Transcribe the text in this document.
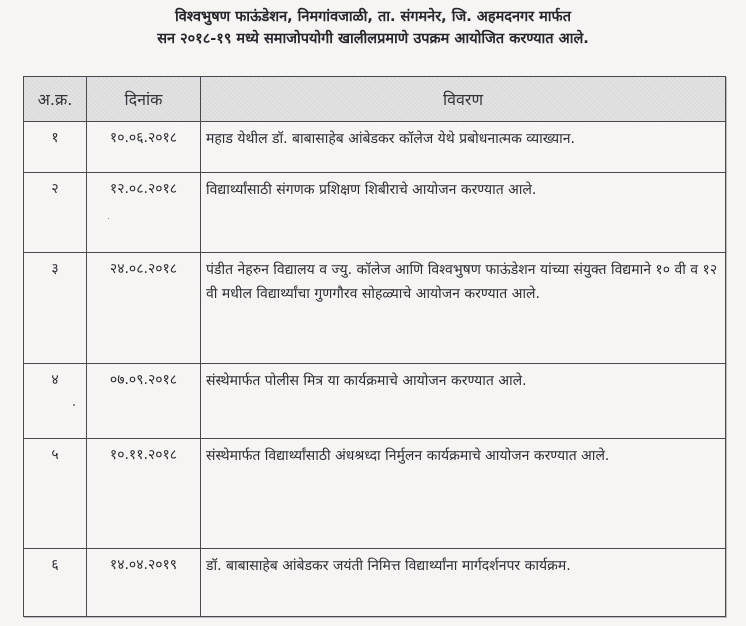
विश्वभुषण फाऊंडेशन, निमगांवजाळी, ता. संगमनेर, जि. अहमदनगर मार्फत
सन २०१८-१९ मध्ये समाजोपयोगी खालीलप्रमाणे उपक्रम आयोजित करण्यात आले.
अ.क्र.	दिनांक	विवरण
१	१०.०६.२०१८	महाड येथील डॉ. बाबासाहेब आंबेडकर कॉलेज येथे प्रबोधनात्मक व्याख्यान.
२	१२.०८.२०१८	विद्यार्थ्यांसाठी संगणक प्रशिक्षण शिबीराचे आयोजन करण्यात आले.
३	२४.०८.२०१८	पंडीत नेहरुन विद्यालय व ज्यु. कॉलेज आणि विश्वभुषण फाऊंडेशन यांच्या संयुक्त विद्यमाने १० वी व १२ वी मधील विद्यार्थ्यांचा गुणगौरव सोहळ्याचे आयोजन करण्यात आले.
४	०७.०९.२०१८	संस्थेमार्फत पोलीस मित्र या कार्यक्रमाचे आयोजन करण्यात आले.
५	१०.११.२०१८	संस्थेमार्फत विद्यार्थ्यांसाठी अंधश्रध्दा निर्मुलन कार्यक्रमाचे आयोजन करण्यात आले.
६	१४.०४.२०१९	डॉ. बाबासाहेब आंबेडकर जयंती निमित्त विद्यार्थ्यांना मार्गदर्शनपर कार्यक्रम.
